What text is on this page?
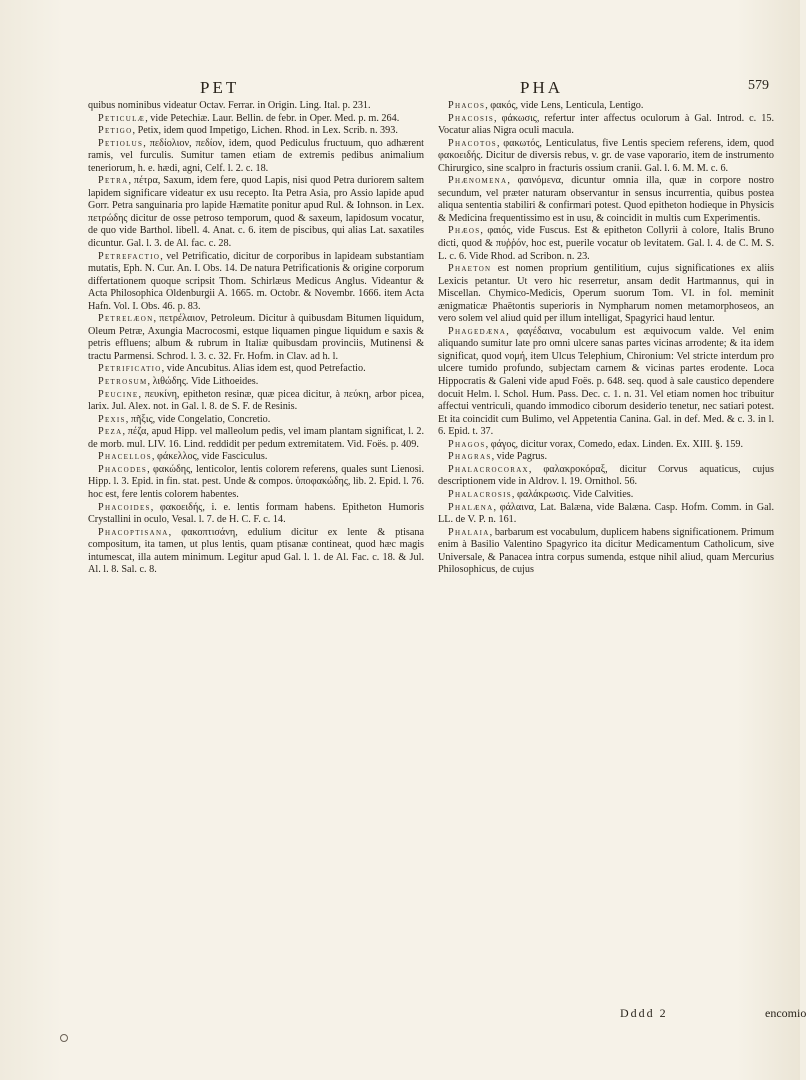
PET	PHA	579

quibus nominibus videatur Octav. Ferrar. in Origin. Ling. Ital. p. 231.

Peticulæ, vide Petechiæ. Laur. Bellin. de febr. in Oper. Med. p. m. 264.

Petigo, Petix, idem quod Impetigo, Lichen. Rhod. in Lex. Scrib. n. 393.

Petiolus, πεδίολιον, πεδίον, idem, quod Pediculus fructuum, quo adhærent ramis, vel furculis. Sumitur tamen etiam de extremis pedibus animalium teneriorum, h. e. hædi, agni, Celf. l. 2. c. 18.

Petra, πέτρα, Saxum, idem fere, quod Lapis, nisi quod Petra duriorem saltem lapidem significare videatur ex usu recepto. Ita Petra Asia, pro Assio lapide apud Gorr. Petra sanguinaria pro lapide Hæmatite ponitur apud Rul. & Iohnson. in Lex. πετρώδης dicitur de osse petroso temporum, quod & saxeum, lapidosum vocatur, de quo vide Barthol. libell. 4. Anat. c. 6. item de piscibus, qui alias Lat. saxatiles dicuntur. Gal. l. 3. de Al. fac. c. 28.

Petrefactio, vel Petrificatio, dicitur de corporibus in lapideam substantiam mutatis, Eph. N. Cur. An. I. Obs. 14. De natura Petrificationis & origine corporum differtationem quoque scripsit Thom. Schirlæus Medicus Anglus. Videantur & Acta Philosophica Oldenburgii A. 1665. m. Octobr. & Novembr. 1666. item Acta Hafn. Vol. I. Obs. 46. p. 83.

Petrelæon, πετρέλαιον, Petroleum. Dicitur à quibusdam Bitumen liquidum, Oleum Petræ, Axungia Macrocosmi, estque liquamen pingue liquidum e saxis & petris effluens; album & rubrum in Italiæ quibusdam provinciis, Mutinensi & tractu Parmensi. Schrod. l. 3. c. 32. Fr. Hofm. in Clav. ad h. l.

Petrificatio, vide Ancubitus. Alias idem est, quod Petrefactio.

Petrosum, λιθώδης. Vide Lithoeides.

Peucine, πευκίνη, epitheton resinæ, quæ picea dicitur, à πεύκη, arbor picea, larix. Jul. Alex. not. in Gal. l. 8. de S. F. de Resinis.

Pexis, πῆξις, vide Congelatio, Concretio.

Peza, πέζα, apud Hipp. vel malleolum pedis, vel imam plantam significat, l. 2. de morb. mul. LIV. 16. Lind. reddidit per pedum extremitatem. Vid. Foës. p. 409.

Phacellos, φάκελλος, vide Fasciculus.

Phacodes, φακώδης, lenticolor, lentis colorem referens, quales sunt Lienosi. Hipp. l. 3. Epid. in fin. stat. pest. Unde & compos. ὑποφακώδης, lib. 2. Epid. l. 76. hoc est, fere lentis colorem habentes.

Phacoides, φακοειδής, i. e. lentis formam habens. Epitheton Humoris Crystallini in oculo, Vesal. l. 7. de H. C. F. c. 14.

Phacoptisana, φακοπτισάνη, edulium dicitur ex lente & ptisana compositum, ita tamen, ut plus lentis, quam ptisanæ contineat, quod hæc magis intumescat, illa autem minimum. Legitur apud Gal. l. 1. de Al. Fac. c. 18. & Jul. Al. l. 8. Sal. c. 8.

Phacos, φακός, vide Lens, Lenticula, Lentigo.

Phacosis, φάκωσις, refertur inter affectus oculorum à Gal. Introd. c. 15. Vocatur alias Nigra oculi macula.

Phacotos, φακωτός, Lenticulatus, five Lentis speciem referens, idem, quod φακοειδής. Dicitur de diversis rebus, v. gr. de vase vaporario, item de instrumento Chirurgico, sine scalpro in fracturis ossium cranii. Gal. l. 6. M. M. c. 6.

Phænomena, φαινόμενα, dicuntur omnia illa, quæ in corpore nostro secundum, vel præter naturam observantur in sensus incurrentia, quibus postea aliqua sententia stabiliri & confirmari potest. Quod epitheton hodieque in Physicis & Medicina frequentissimo est in usu, & coincidit in multis cum Experimentis.

Phæos, φαιός, vide Fuscus. Est & epitheton Collyrii à colore, Italis Bruno dicti, quod & πυῤῥόν, hoc est, puerile vocatur ob levitatem. Gal. l. 4. de C. M. S. L. c. 6. Vide Rhod. ad Scribon. n. 23.

Phaeton est nomen proprium gentilitium, cujus significationes ex aliis Lexicis petantur. Ut vero hic reserretur, ansam dedit Hartmannus, qui in Miscellan. Chymico-Medicis, Operum suorum Tom. VI. in fol. meminit ænigmaticæ Phaëtontis superioris in Nympharum nomen metamorphoseos, an vero solem vel aliud quid per illum intelligat, Spagyrici haud lentur.

Phagedæna, φαγέδαινα, vocabulum est æquivocum valde. Vel enim aliquando sumitur late pro omni ulcere sanas partes vicinas arrodente; & ita idem significat, quod νομή, item Ulcus Telephium, Chironium: Vel stricte interdum pro ulcere tumido profundo, subjectam carnem & vicinas partes erodente. Loca Hippocratis & Galeni vide apud Foës. p. 648. seq. quod à sale caustico dependere docuit Helm. l. Schol. Hum. Pass. Dec. c. 1. n. 31. Vel etiam nomen hoc tribuitur affectui ventriculi, quando immodico ciborum desiderio tenetur, nec satiari potest. Et ita coincidit cum Bulimo, vel Appetentia Canina. Gal. in def. Med. & c. 3. in l. 6. Epid. t. 37.

Phagos, φάγος, dicitur vorax, Comedo, edax. Linden. Ex. XIII. §. 159.

Phagras, vide Pagrus.

Phalacrocorax, φαλακροκόραξ, dicitur Corvus aquaticus, cujus descriptionem vide in Aldrov. l. 19. Ornithol. 56.

Phalacrosis, φαλάκρωσις. Vide Calvities.

Phalæna, φάλαινα, Lat. Balæna, vide Balæna. Casp. Hofm. Comm. in Gal. LL. de V. P. n. 161.

Phalaia, barbarum est vocabulum, duplicem habens significationem. Primum enim à Basilio Valentino Spagyrico ita dicitur Medicamentum Catholicum, sive Universale, & Panacea intra corpus sumenda, estque nihil aliud, quam Mercurius Philosophicus, de cujus

Dddd 2	encomio
